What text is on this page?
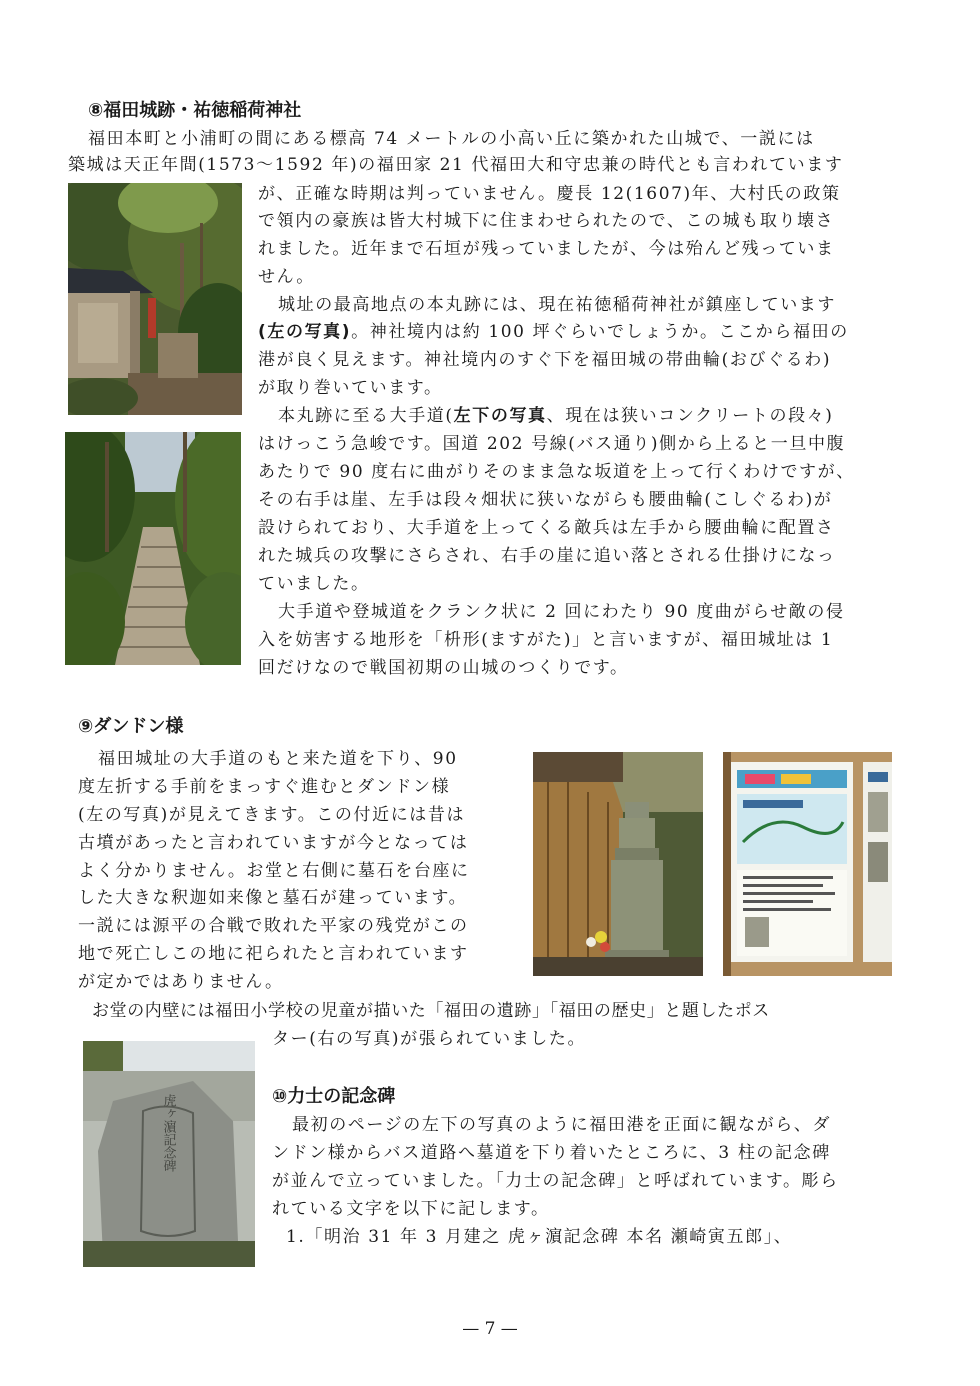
⑧福田城跡・祐徳稲荷神社
福田本町と小浦町の間にある標高 74 メートルの小高い丘に築かれた山城で、一説には
築城は天正年間(1573〜1592 年)の福田家 21 代福田大和守忠兼の時代とも言われています
が、正確な時期は判っていません。慶長 12(1607)年、大村氏の政策
で領内の豪族は皆大村城下に住まわせられたので、この城も取り壊さ
れました。近年まで石垣が残っていましたが、今は殆んど残っていま
せん。
城址の最高地点の本丸跡には、現在祐徳稲荷神社が鎮座しています
(左の写真)。神社境内は約 100 坪ぐらいでしょうか。ここから福田の
港が良く見えます。神社境内のすぐ下を福田城の帯曲輪(おびぐるわ)
が取り巻いています。
本丸跡に至る大手道(左下の写真、現在は狭いコンクリートの段々)
はけっこう急峻です。国道 202 号線(バス通り)側から上ると一旦中腹
あたりで 90 度右に曲がりそのまま急な坂道を上って行くわけですが、
その右手は崖、左手は段々畑状に狭いながらも腰曲輪(こしぐるわ)が
設けられており、大手道を上ってくる敵兵は左手から腰曲輪に配置さ
れた城兵の攻撃にさらされ、右手の崖に追い落とされる仕掛けになっ
ていました。
大手道や登城道をクランク状に 2 回にわたり 90 度曲がらせ敵の侵
入を妨害する地形を「枡形(ますがた)」と言いますが、福田城址は 1
回だけなので戦国初期の山城のつくりです。
⑨ダンドン様
福田城址の大手道のもと来た道を下り、90
度左折する手前をまっすぐ進むとダンドン様
(左の写真)が見えてきます。この付近には昔は
古墳があったと言われていますが今となっては
よく分かりません。お堂と右側に墓石を台座に
した大きな釈迦如来像と墓石が建っています。
一説には源平の合戦で敗れた平家の残党がこの
地で死亡しこの地に祀られたと言われています
が定かではありません。
お堂の内壁には福田小学校の児童が描いた「福田の遺跡」「福田の歴史」と題したポス
ター(右の写真)が張られていました。
虎ヶ濵記念碑	⑩力士の記念碑
最初のページの左下の写真のように福田港を正面に観ながら、ダ
ンドン様からバス道路へ墓道を下り着いたところに、3 柱の記念碑
が並んで立っていました。「力士の記念碑」と呼ばれています。彫ら
れている文字を以下に記します。
1.「明治 31 年 3 月建之 虎ヶ濵記念碑 本名 瀬崎寅五郎」、
— 7 —
